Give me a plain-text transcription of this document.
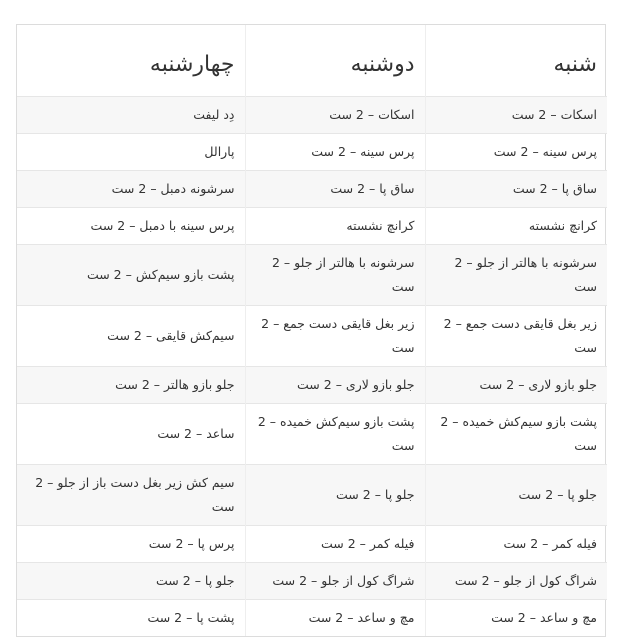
شنبه	دوشنبه	چهارشنبه
اسکات – 2 ست	اسکات – 2 ست	دِد لیفت
پرس سینه – 2 ست	پرس سینه – 2 ست	پارالل
ساق پا – 2 ست	ساق پا – 2 ست	سرشونه دمبل – 2 ست
کرانچ نشسته	کرانچ نشسته	پرس سینه با دمبل – 2 ست
سرشونه با هالتر از جلو – 2 ست	سرشونه با هالتر از جلو – 2 ست	پشت بازو سیم‌کش – 2 ست
زیر بغل قایقی دست جمع – 2 ست	زیر بغل قایقی دست جمع – 2 ست	سیم‌کش قایقی – 2 ست
جلو بازو لاری – 2 ست	جلو بازو لاری – 2 ست	جلو بازو هالتر – 2 ست
پشت بازو سیم‌کش خمیده – 2 ست	پشت بازو سیم‌کش خمیده – 2 ست	ساعد – 2 ست
جلو پا – 2 ست	جلو پا – 2 ست	سیم کش زیر بغل دست باز از جلو – 2 ست
فیله کمر – 2 ست	فیله کمر – 2 ست	پرس پا – 2 ست
شراگ کول از جلو – 2 ست	شراگ کول از جلو – 2 ست	جلو پا – 2 ست
مچ و ساعد – 2 ست	مچ و ساعد – 2 ست	پشت پا – 2 ست
